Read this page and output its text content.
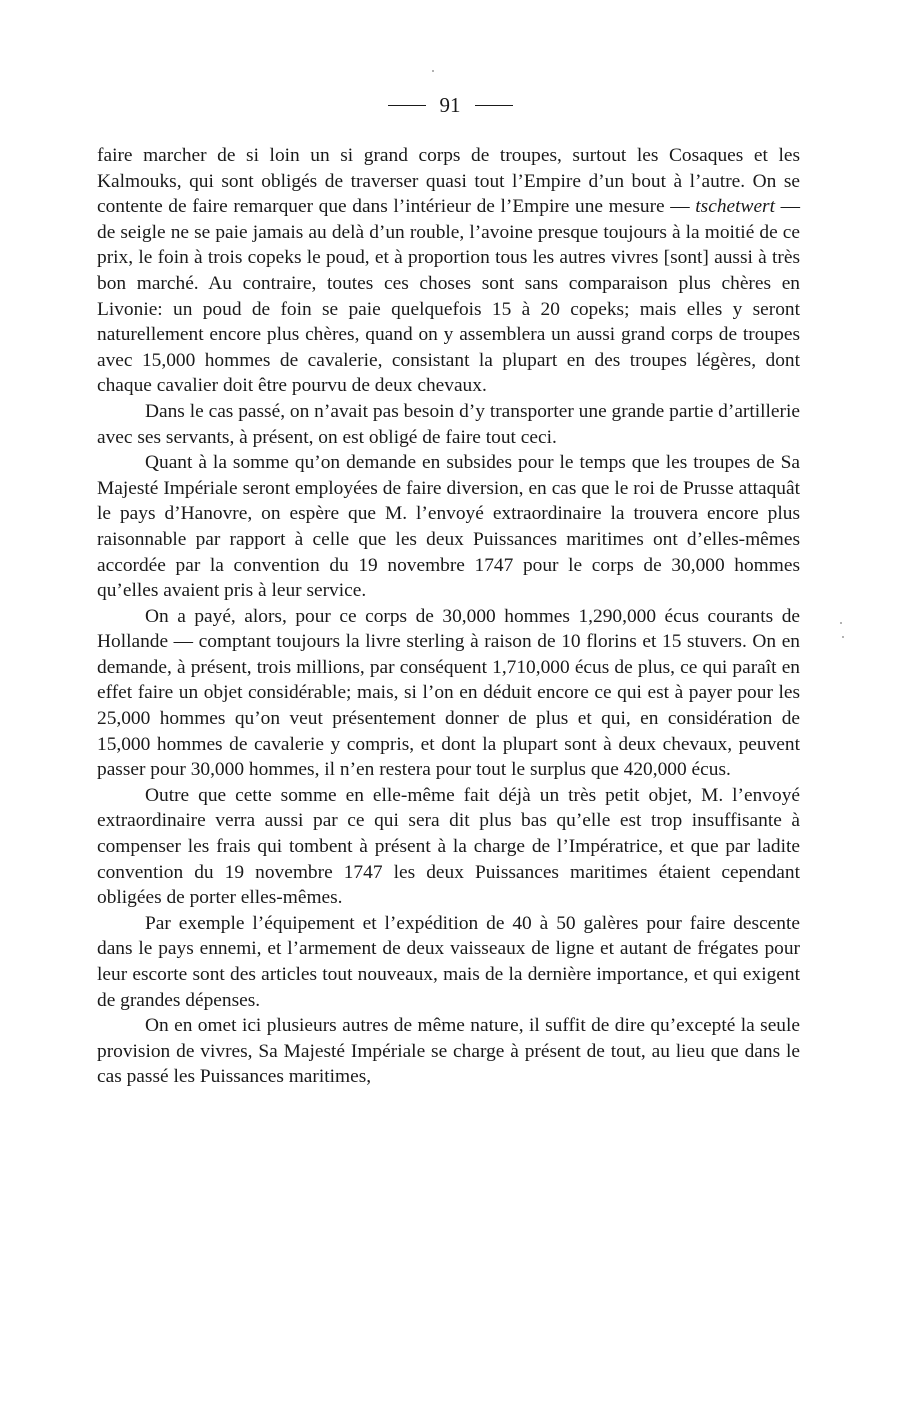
91

faire marcher de si loin un si grand corps de troupes, surtout les Cosaques et les Kalmouks, qui sont obligés de traverser quasi tout l’Empire d’un bout à l’autre. On se contente de faire remarquer que dans l’intérieur de l’Empire une mesure — tschetwert — de seigle ne se paie jamais au delà d’un rouble, l’avoine presque toujours à la moitié de ce prix, le foin à trois copeks le poud, et à proportion tous les autres vivres [sont] aussi à très bon marché. Au contraire, toutes ces choses sont sans comparaison plus chères en Livonie: un poud de foin se paie quelquefois 15 à 20 copeks; mais elles y seront naturellement encore plus chères, quand on y assemblera un aussi grand corps de troupes avec 15,000 hommes de cavalerie, consistant la plupart en des troupes légères, dont chaque cavalier doit être pourvu de deux chevaux.

Dans le cas passé, on n’avait pas besoin d’y transporter une grande partie d’artillerie avec ses servants, à présent, on est obligé de faire tout ceci.

Quant à la somme qu’on demande en subsides pour le temps que les troupes de Sa Majesté Impériale seront employées de faire diversion, en cas que le roi de Prusse attaquât le pays d’Hanovre, on espère que M. l’envoyé extraordinaire la trouvera encore plus raisonnable par rapport à celle que les deux Puissances maritimes ont d’elles-mêmes accordée par la convention du 19 novembre 1747 pour le corps de 30,000 hommes qu’elles avaient pris à leur service.

On a payé, alors, pour ce corps de 30,000 hommes 1,290,000 écus courants de Hollande — comptant toujours la livre sterling à raison de 10 florins et 15 stuvers. On en demande, à présent, trois millions, par conséquent 1,710,000 écus de plus, ce qui paraît en effet faire un objet considérable; mais, si l’on en déduit encore ce qui est à payer pour les 25,000 hommes qu’on veut présentement donner de plus et qui, en considération de 15,000 hommes de cavalerie y compris, et dont la plupart sont à deux chevaux, peuvent passer pour 30,000 hommes, il n’en restera pour tout le surplus que 420,000 écus.

Outre que cette somme en elle-même fait déjà un très petit objet, M. l’envoyé extraordinaire verra aussi par ce qui sera dit plus bas qu’elle est trop insuffisante à compenser les frais qui tombent à présent à la charge de l’Impératrice, et que par ladite convention du 19 novembre 1747 les deux Puissances maritimes étaient cependant obligées de porter elles-mêmes.

Par exemple l’équipement et l’expédition de 40 à 50 galères pour faire descente dans le pays ennemi, et l’armement de deux vaisseaux de ligne et autant de frégates pour leur escorte sont des articles tout nouveaux, mais de la dernière importance, et qui exigent de grandes dépenses.

On en omet ici plusieurs autres de même nature, il suffit de dire qu’excepté la seule provision de vivres, Sa Majesté Impériale se charge à présent de tout, au lieu que dans le cas passé les Puissances maritimes,
